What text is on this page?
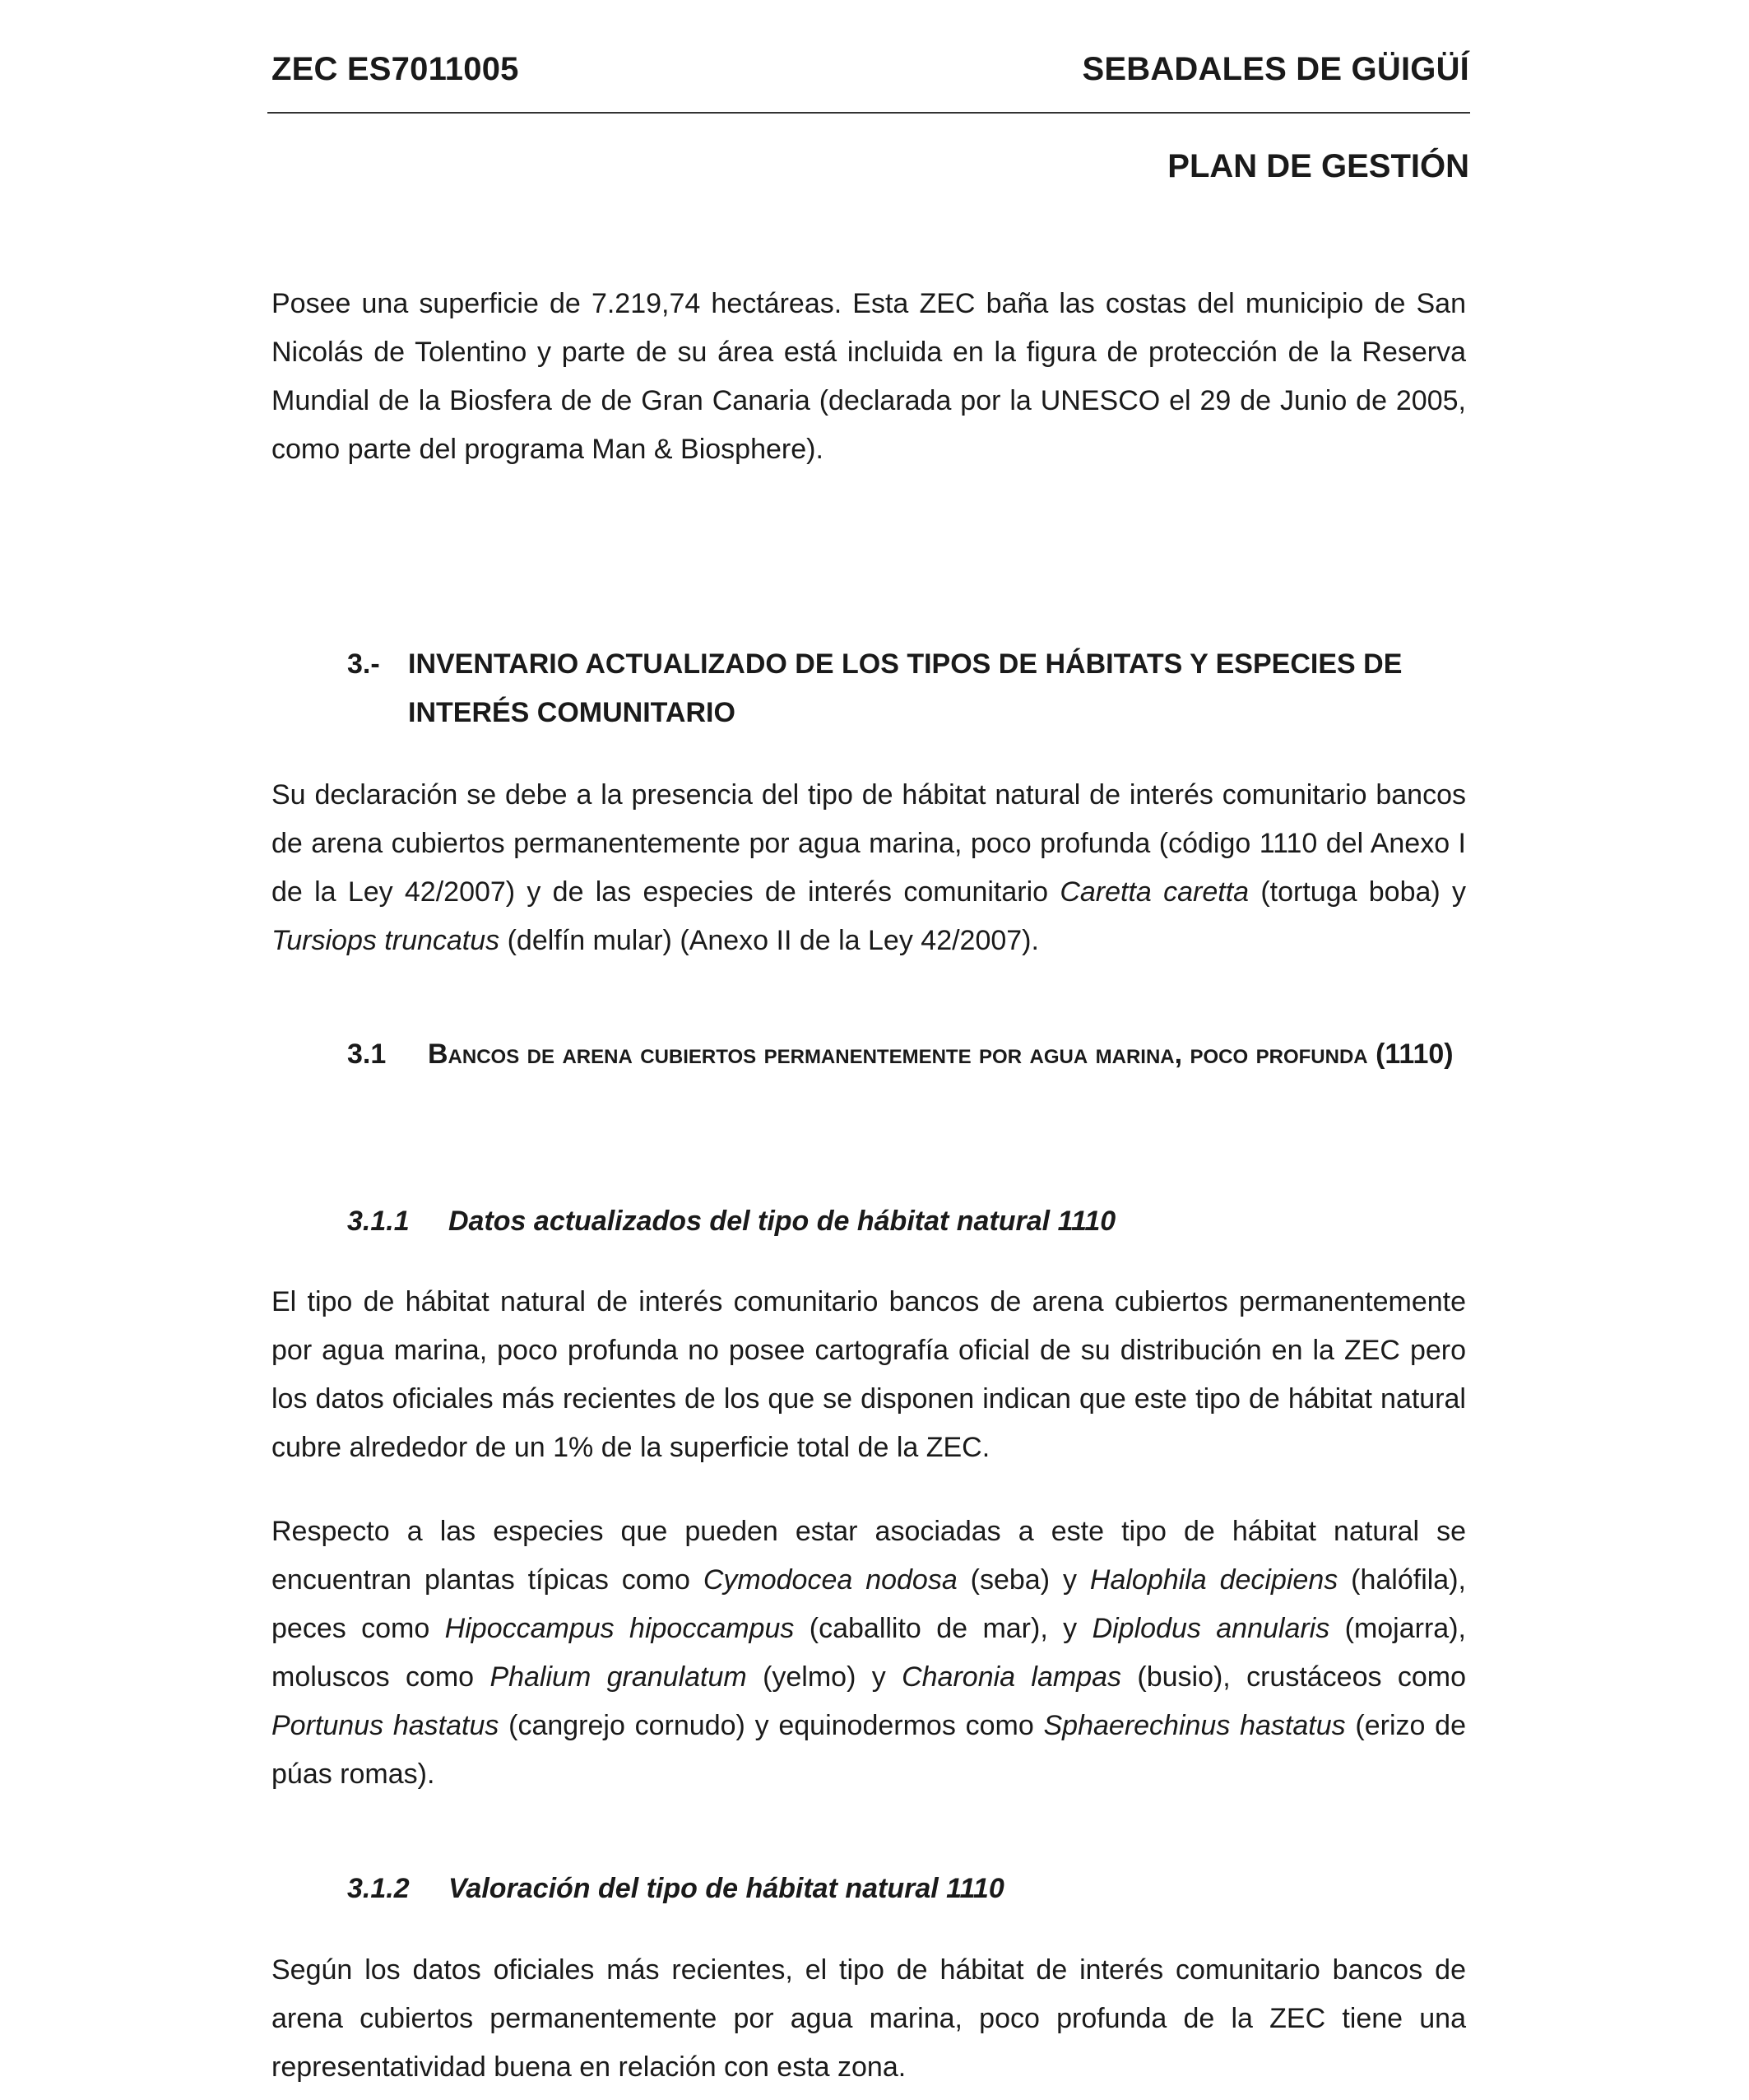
ZEC ES7011005	SEBADALES DE GÜIGÜÍ
PLAN DE GESTIÓN

Posee una superficie de 7.219,74 hectáreas. Esta ZEC baña las costas del municipio de San Nicolás de Tolentino y parte de su área está incluida en la figura de protección de la Reserva Mundial de la Biosfera de de Gran Canaria (declarada por la UNESCO el 29 de Junio de 2005, como parte del programa Man & Biosphere).

3.-	INVENTARIO ACTUALIZADO DE LOS TIPOS DE HÁBITATS Y ESPECIES DE INTERÉS COMUNITARIO

Su declaración se debe a la presencia del tipo de hábitat natural de interés comunitario bancos de arena cubiertos permanentemente por agua marina, poco profunda (código 1110 del Anexo I de la Ley 42/2007) y de las especies de interés comunitario Caretta caretta (tortuga boba) y Tursiops truncatus (delfín mular) (Anexo II de la Ley 42/2007).

3.1	Bancos de arena cubiertos permanentemente por agua marina, poco profunda (1110)
3.1.1	Datos actualizados del tipo de hábitat natural 1110

El tipo de hábitat natural de interés comunitario bancos de arena cubiertos permanentemente por agua marina, poco profunda no posee cartografía oficial de su distribución en la ZEC pero los datos oficiales más recientes de los que se disponen indican que este tipo de hábitat natural cubre alrededor de un 1% de la superficie total de la ZEC.

Respecto a las especies que pueden estar asociadas a este tipo de hábitat natural se encuentran plantas típicas como Cymodocea nodosa (seba) y Halophila decipiens (halófila), peces como Hipoccampus hipoccampus (caballito de mar), y Diplodus annularis (mojarra), moluscos como Phalium granulatum (yelmo) y Charonia lampas (busio), crustáceos como Portunus hastatus (cangrejo cornudo) y equinodermos como Sphaerechinus hastatus (erizo de púas romas).

3.1.2	Valoración del tipo de hábitat natural 1110

Según los datos oficiales más recientes, el tipo de hábitat de interés comunitario bancos de arena cubiertos permanentemente por agua marina, poco profunda de la ZEC tiene una representatividad buena en relación con esta zona.
